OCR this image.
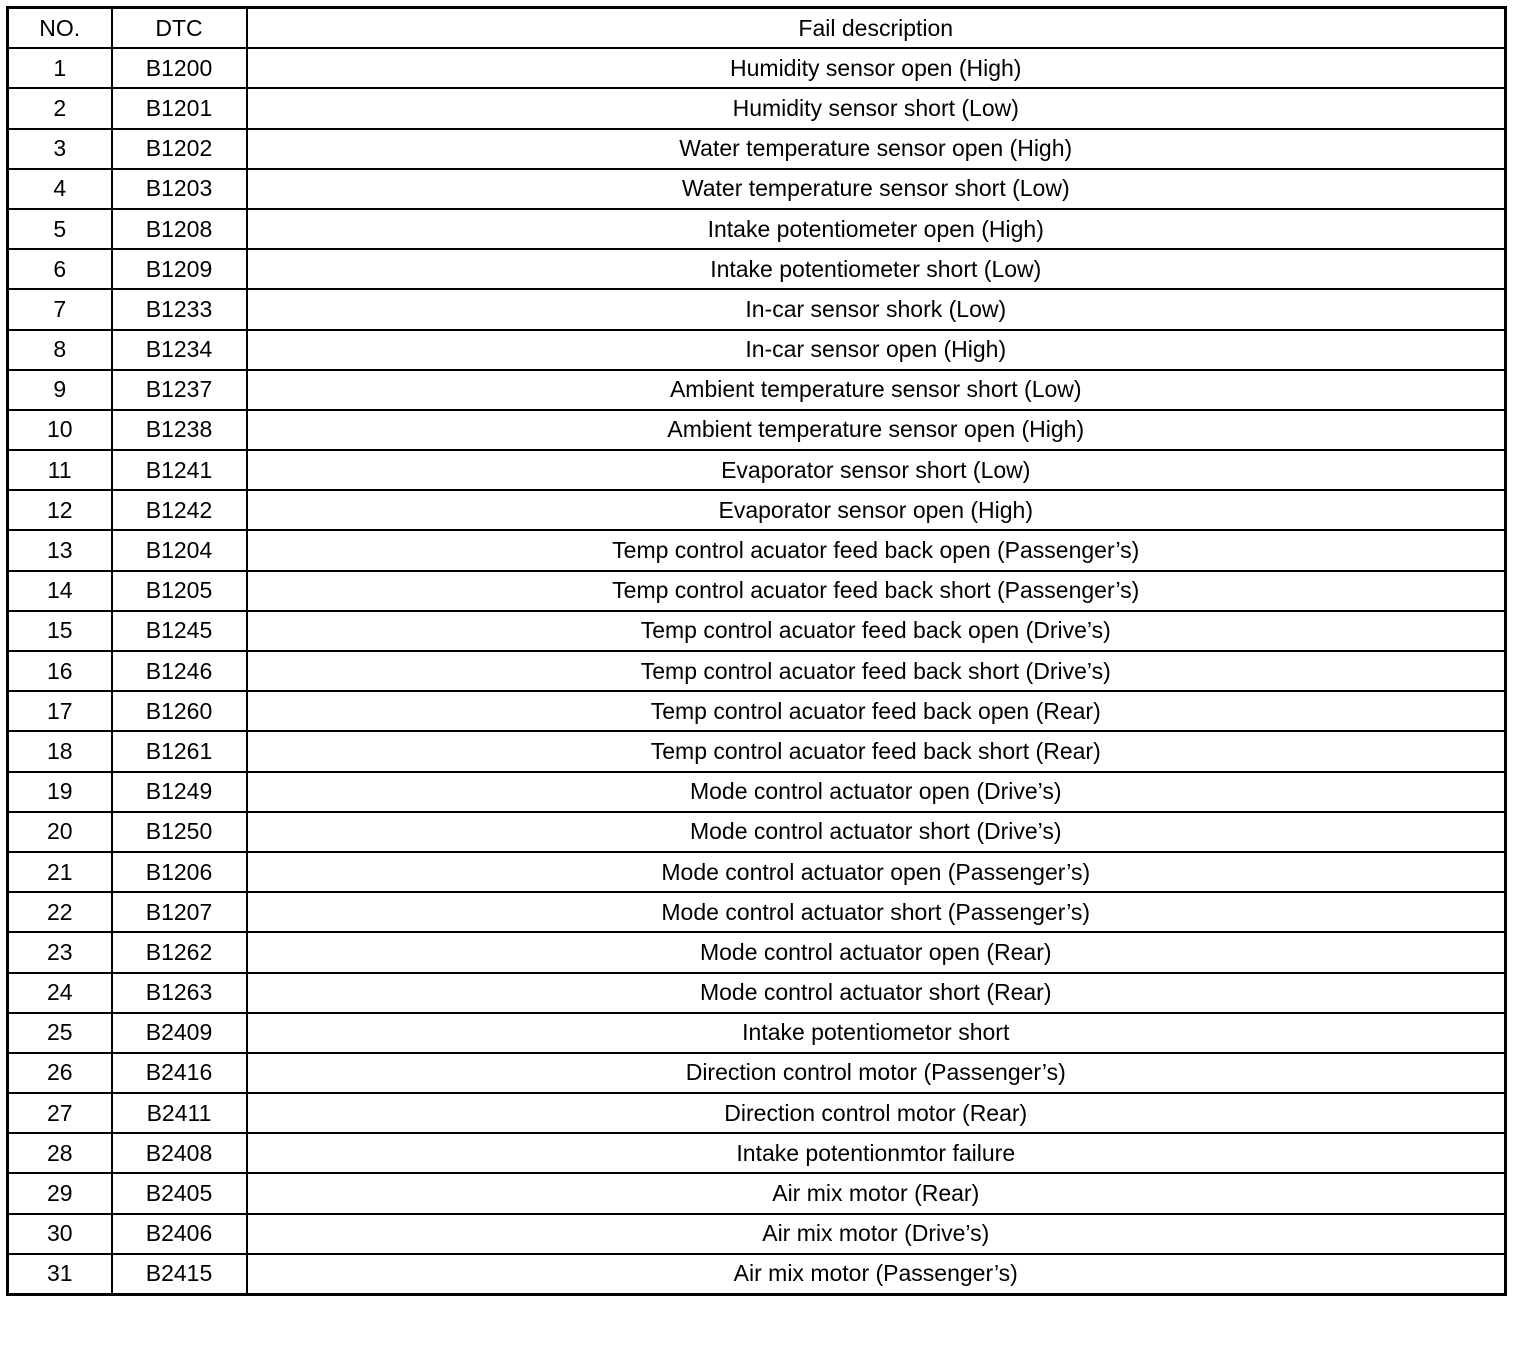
NO.	DTC	Fail description
1	B1200	Humidity sensor open (High)
2	B1201	Humidity sensor short (Low)
3	B1202	Water temperature sensor open (High)
4	B1203	Water temperature sensor short (Low)
5	B1208	Intake potentiometer open (High)
6	B1209	Intake potentiometer short (Low)
7	B1233	In-car sensor shork (Low)
8	B1234	In-car sensor open (High)
9	B1237	Ambient temperature sensor short (Low)
10	B1238	Ambient temperature sensor open (High)
11	B1241	Evaporator sensor short (Low)
12	B1242	Evaporator sensor open (High)
13	B1204	Temp control acuator feed back open (Passenger’s)
14	B1205	Temp control acuator feed back short (Passenger’s)
15	B1245	Temp control acuator feed back open (Drive’s)
16	B1246	Temp control acuator feed back short (Drive’s)
17	B1260	Temp control acuator feed back open (Rear)
18	B1261	Temp control acuator feed back short (Rear)
19	B1249	Mode control actuator open (Drive’s)
20	B1250	Mode control actuator short (Drive’s)
21	B1206	Mode control actuator open (Passenger’s)
22	B1207	Mode control actuator short (Passenger’s)
23	B1262	Mode control actuator open (Rear)
24	B1263	Mode control actuator short (Rear)
25	B2409	Intake potentiometor short
26	B2416	Direction control motor (Passenger’s)
27	B2411	Direction control motor (Rear)
28	B2408	Intake potentionmtor failure
29	B2405	Air mix motor (Rear)
30	B2406	Air mix motor (Drive’s)
31	B2415	Air mix motor (Passenger’s)
